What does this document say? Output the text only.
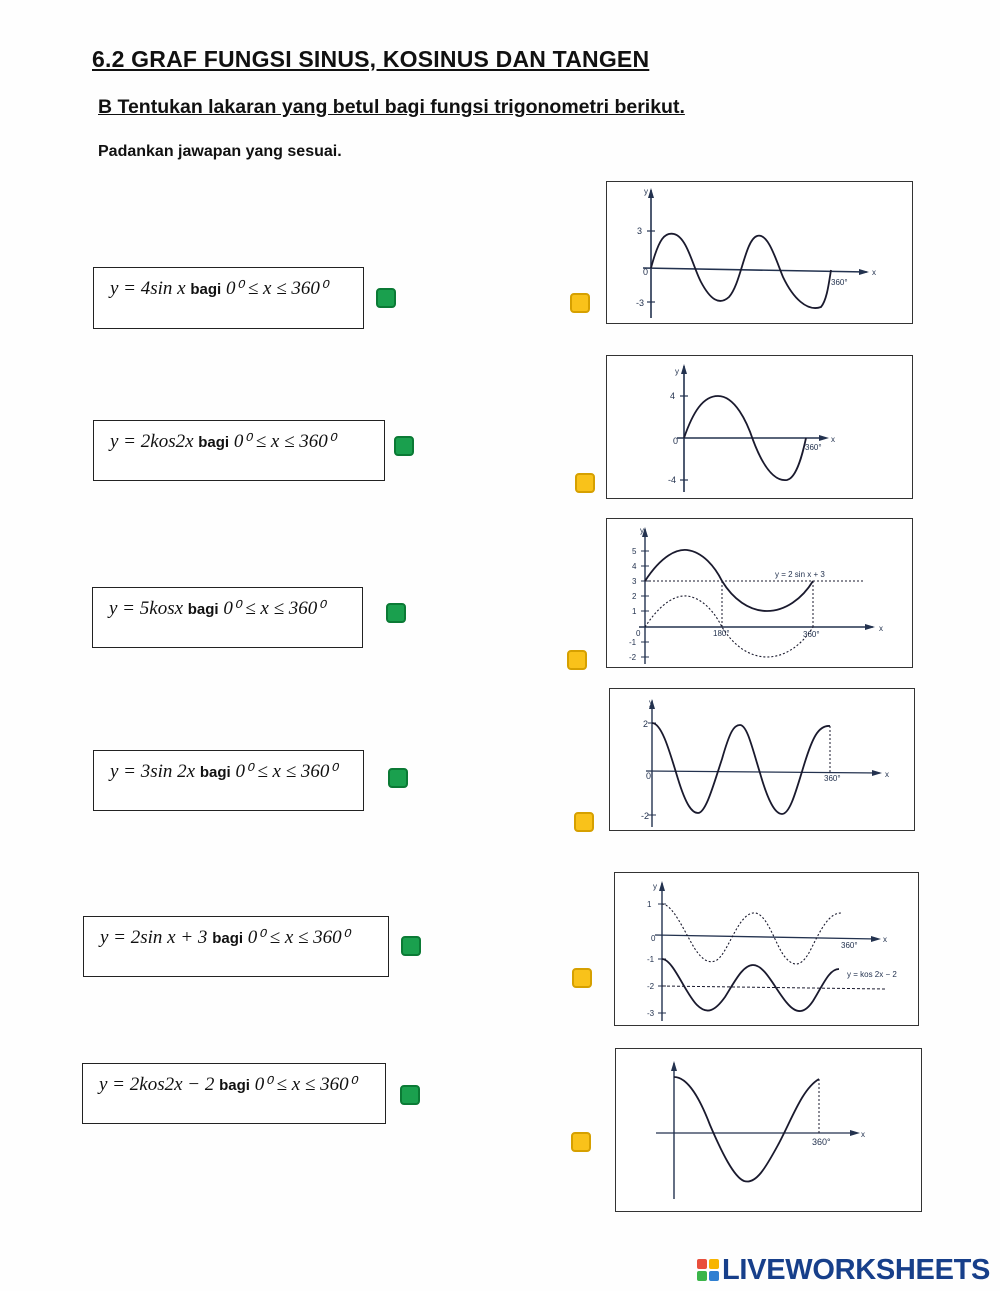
6.2 GRAF FUNGSI SINUS, KOSINUS DAN TANGEN
B Tentukan lakaran yang betul bagi fungsi trigonometri berikut.
Padankan jawapan yang sesuai.
y = 4sin x bagi 0⁰ ≤ x ≤ 360⁰
y = 2kos2x bagi 0⁰ ≤ x ≤ 360⁰
y = 5kosx bagi 0⁰ ≤ x ≤ 360⁰
y = 3sin 2x bagi 0⁰ ≤ x ≤ 360⁰
y = 2sin x + 3 bagi 0⁰ ≤ x ≤ 360⁰
y = 2kos2x − 2 bagi 0⁰ ≤ x ≤ 360⁰
y
x
3
-3
0
360°
y
x
4
-4
0
360°
y
x
5
4
3
2
1
-1
-2
0	180°	360°
y = 2 sin x + 3
y
x
2
-2
0	360°
y
x
1
-1
-2
-3
0
360°
y = kos 2x − 2
x
360°
LIVEWORKSHEETS
